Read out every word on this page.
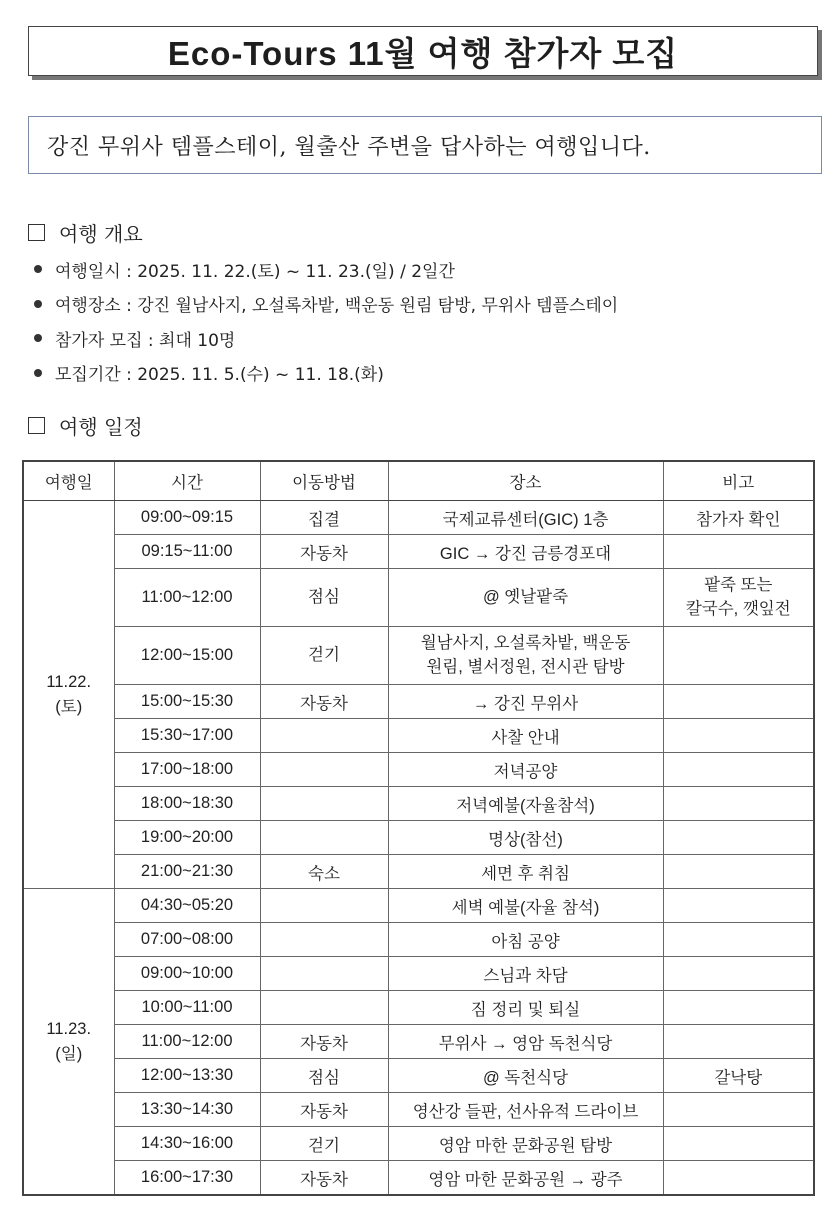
Eco-Tours 11월 여행 참가자 모집
강진 무위사 템플스테이, 월출산 주변을 답사하는 여행입니다.
여행 개요
여행일시 : 2025. 11. 22.(토) ~ 11. 23.(일) / 2일간
여행장소 : 강진 월남사지, 오설록차밭, 백운동 원림 탐방, 무위사 템플스테이
참가자 모집 : 최대 10명
모집기간 : 2025. 11. 5.(수) ~ 11. 18.(화)
여행 일정
여행일	시간	이동방법	장소	비고

11.22.
(토)	09:00~09:15	집결	국제교류센터(GIC) 1층	참가자 확인
	09:15~11:00	자동차	GIC → 강진 금릉경포대	
	11:00~12:00	점심	@ 옛날팥죽	팥죽 또는
칼국수, 깻잎전
	12:00~15:00	걷기	월남사지, 오설록차밭, 백운동
원림, 별서정원, 전시관 탐방	
	15:00~15:30	자동차	→ 강진 무위사	
	15:30~17:00		사찰 안내	
	17:00~18:00		저녁공양	
	18:00~18:30		저녁예불(자율참석)	
	19:00~20:00		명상(참선)	
	21:00~21:30	숙소	세면 후 취침	

11.23.
(일)	04:30~05:20		세벽 예불(자율 참석)	
	07:00~08:00		아침 공양	
	09:00~10:00		스님과 차담	
	10:00~11:00		짐 정리 및 퇴실	
	11:00~12:00	자동차	무위사 → 영암 독천식당	
	12:00~13:30	점심	@ 독천식당	갈낙탕
	13:30~14:30	자동차	영산강 들판, 선사유적 드라이브	
	14:30~16:00	걷기	영암 마한 문화공원 탐방	
	16:00~17:30	자동차	영암 마한 문화공원 → 광주	
